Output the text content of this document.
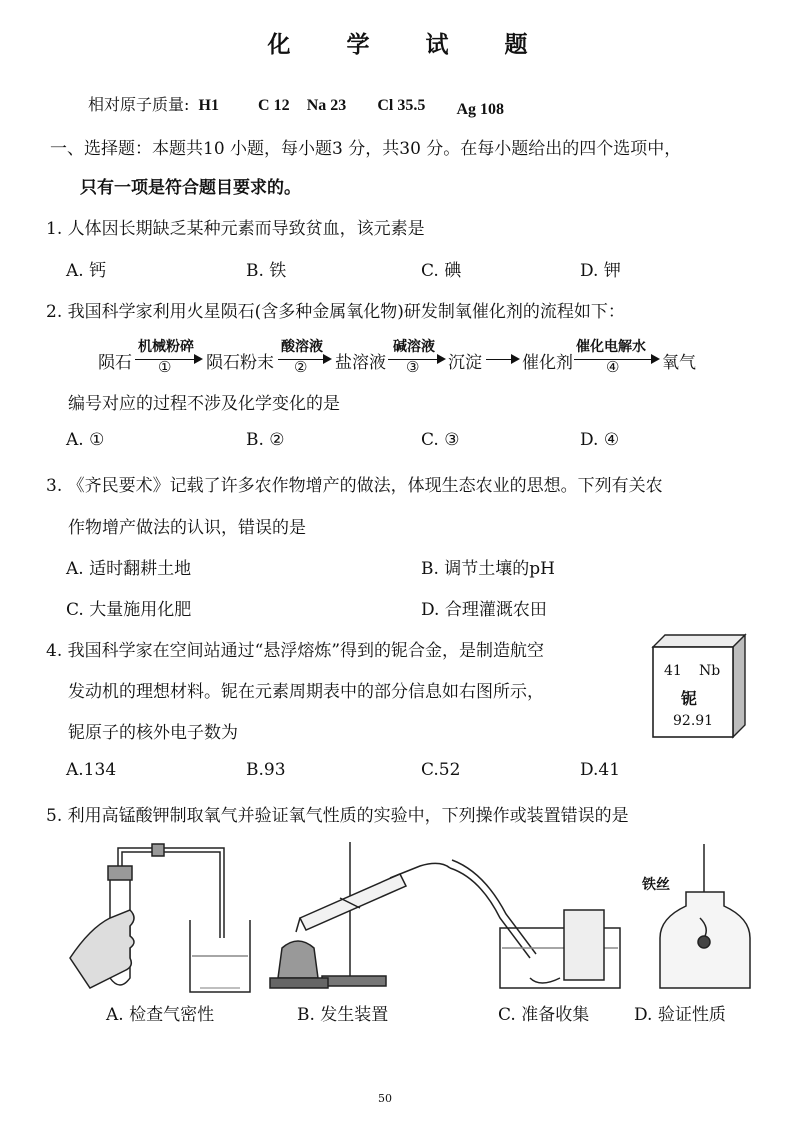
化 学 试 题
相对原子质量: H1 C 12 Na 23 Cl 35.5 Ag 108
一、选择题：本题共10 小题，每小题3 分，共30 分。在每小题给出的四个选项中，
只有一项是符合题目要求的。
1. 人体因长期缺乏某种元素而导致贫血，该元素是
A. 钙	B. 铁	C. 碘	D. 钾
2. 我国科学家利用火星陨石(含多种金属氧化物)研发制氧催化剂的流程如下：
陨石
机械粉碎
① 陨石粉末
酸溶液
② 盐溶液
碱溶液
③ 沉淀 催化剂
催化电解水
④	氧气
编号对应的过程不涉及化学变化的是
A. ①	B. ②	C. ③	D. ④
3. 《齐民要术》记载了许多农作物增产的做法，体现生态农业的思想。下列有关农
作物增产做法的认识，错误的是
A. 适时翻耕土地	B. 调节土壤的pH
C. 大量施用化肥	D. 合理灌溉农田
4. 我国科学家在空间站通过“悬浮熔炼”得到的铌合金，是制造航空
发动机的理想材料。铌在元素周期表中的部分信息如右图所示，
铌原子的核外电子数为
A.134	B.93	C.52	D.41
41 Nb
铌
92.91
5. 利用高锰酸钾制取氧气并验证氧气性质的实验中，下列操作或装置错误的是
铁丝
A. 检查气密性	B. 发生装置	C. 准备收集	D. 验证性质
50
